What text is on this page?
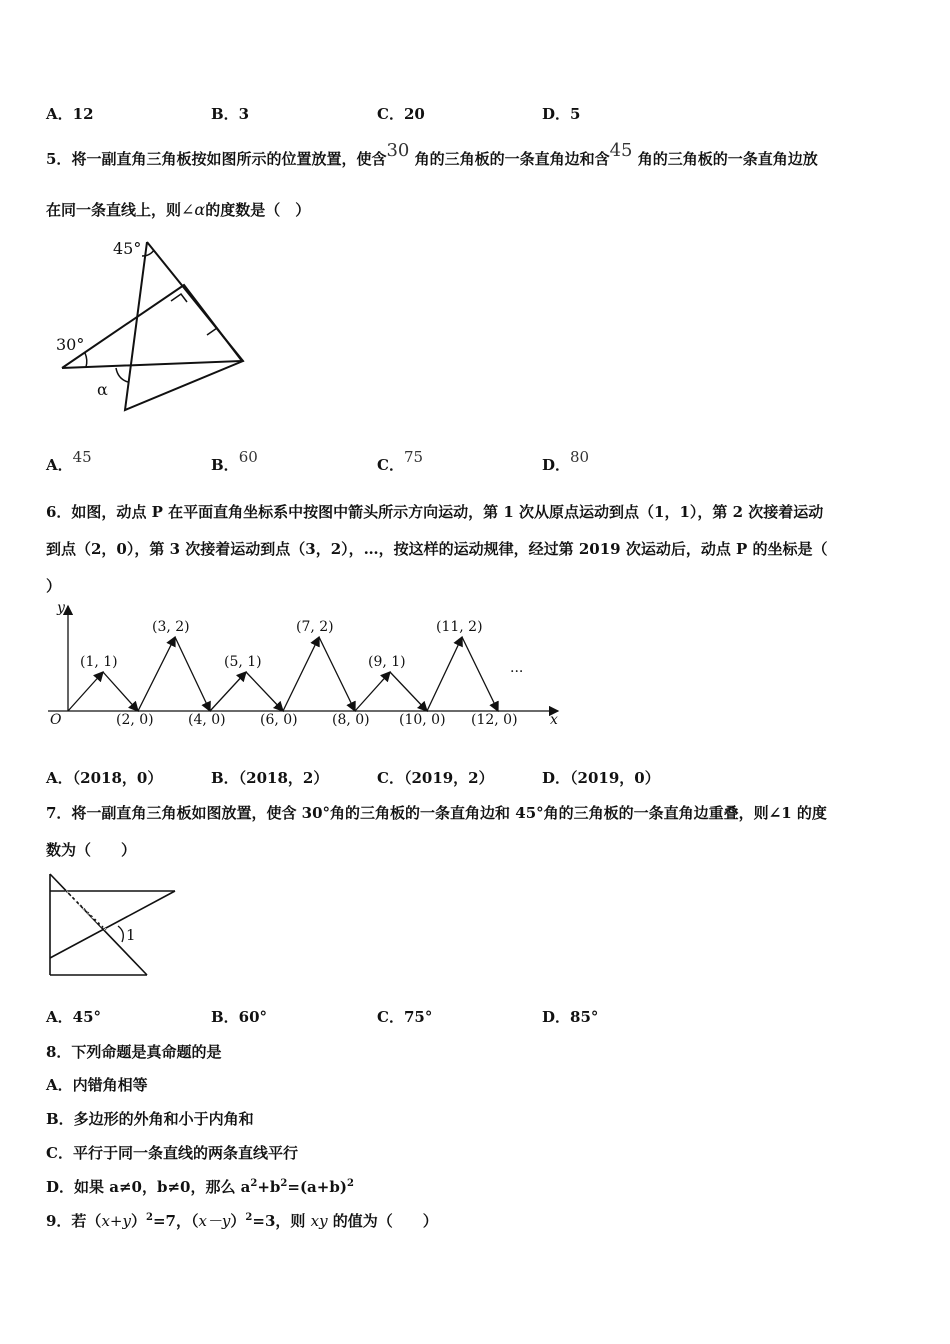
A．12	B．3	C．20	D．5
5．将一副直角三角板按如图所示的位置放置，使含30 角的三角板的一条直角边和含45 角的三角板的一条直角边放
在同一条直线上，则∠α的度数是（　）
45°
30°
α
A．45	B．60	C．75	D．80
6．如图，动点 P 在平面直角坐标系中按图中箭头所示方向运动，第 1 次从原点运动到点（1，1），第 2 次接着运动
到点（2，0），第 3 次接着运动到点（3，2），…，按这样的运动规律，经过第 2019 次运动后，动点 P 的坐标是（
）
y
x
O
(1, 1)
(3, 2)
(5, 1)
(7, 2)
(9, 1)
(11, 2)
(2, 0) (4, 0) (6, 0) (8, 0) (10, 0) (12, 0)
...
A．（2018，0）	B．（2018，2）	C．（2019，2）	D．（2019，0）
7．将一副直角三角板如图放置，使含 30°角的三角板的一条直角边和 45°角的三角板的一条直角边重叠，则∠1 的度
数为（　　）
1
A．45°	B．60°	C．75°	D．85°
8．下列命题是真命题的是
A．内错角相等
B．多边形的外角和小于内角和
C．平行于同一条直线的两条直线平行
D．如果 a≠0，b≠0，那么 $a^2+b^2=(a+b)^2$
9．若$(x+y)^2=7$，$(x-y)^2=3$，则 xy 的值为（　　）
